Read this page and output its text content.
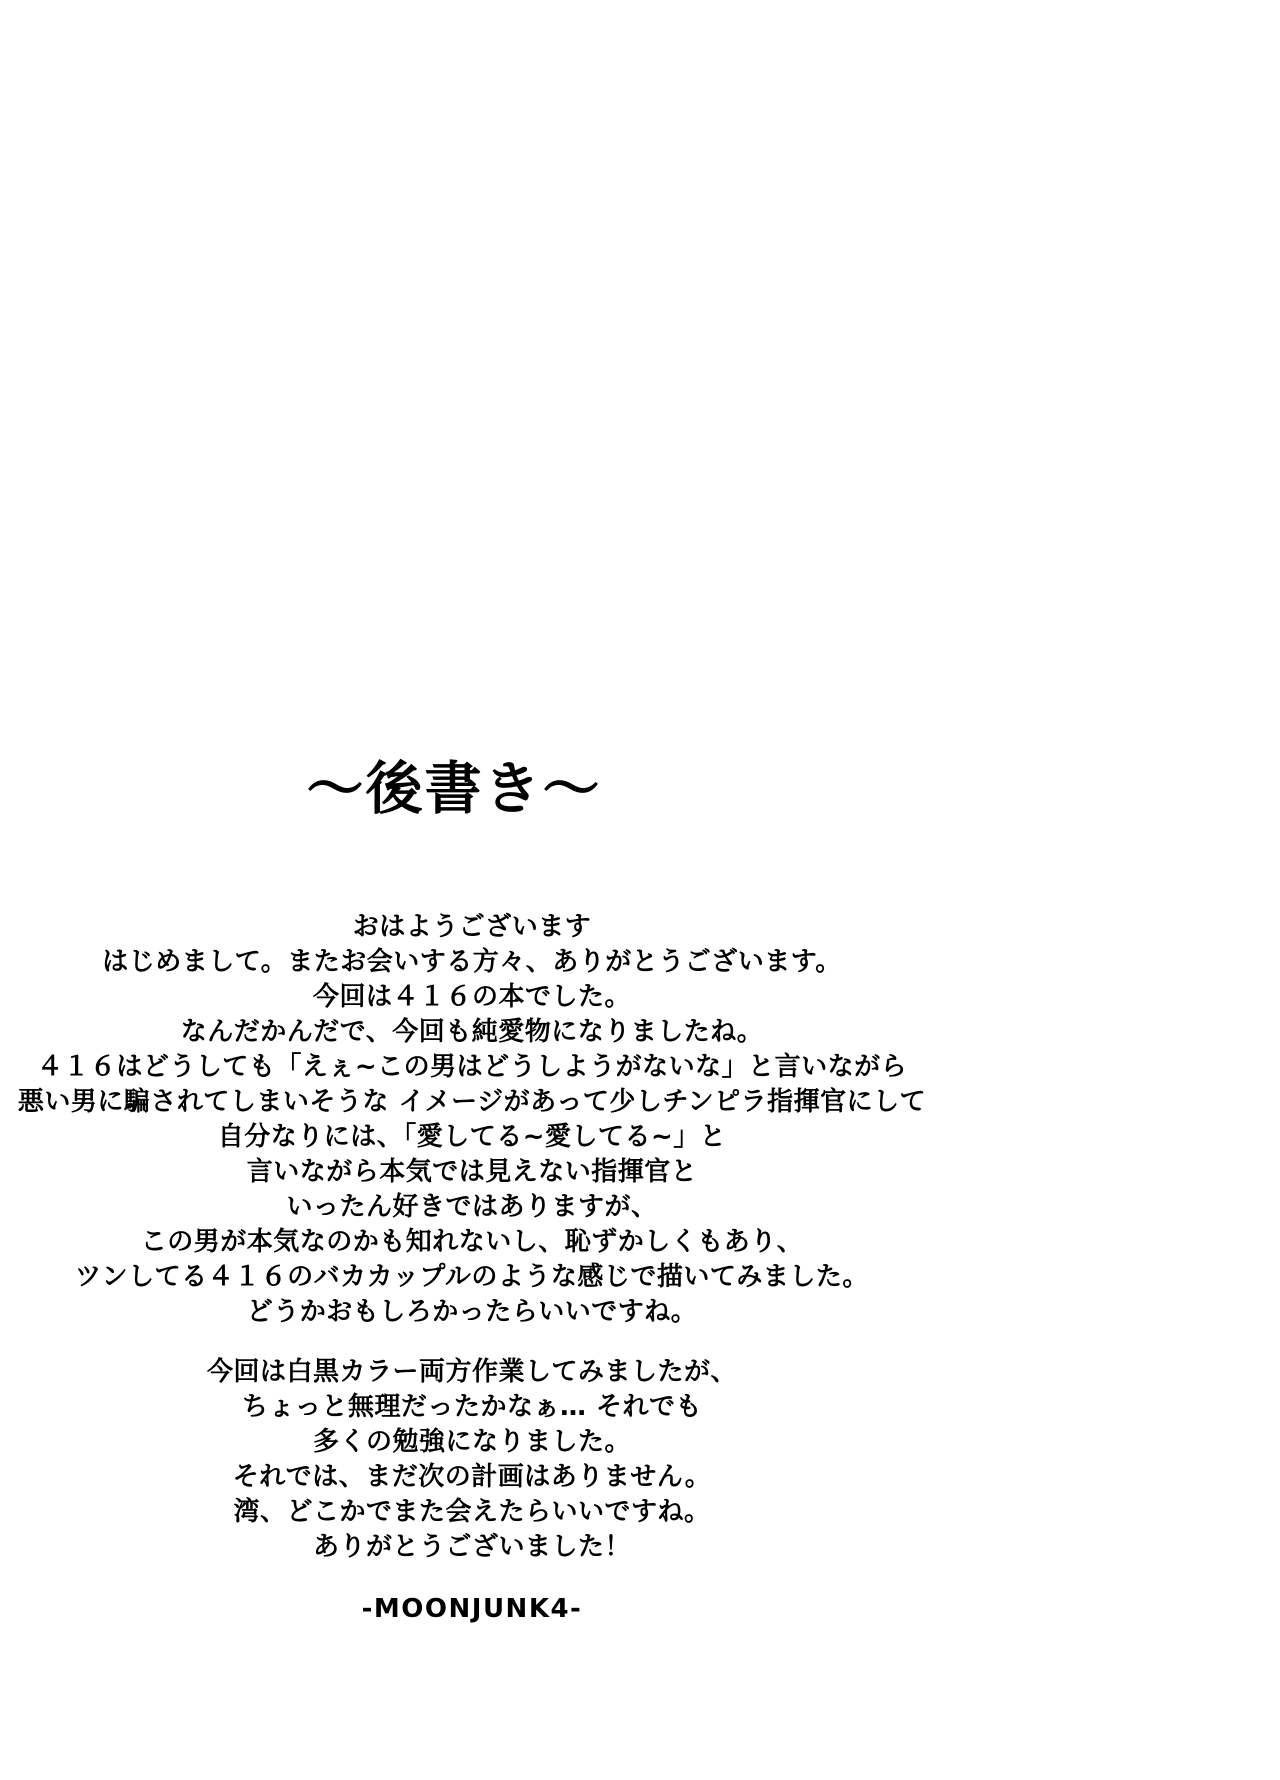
～後書き～
おはようございます
はじめまして。またお会いする方々、ありがとうございます。
今回は４１６の本でした。
なんだかんだで、今回も純愛物になりましたね。
４１６はどうしても「えぇ~この男はどうしようがないな」と言いながら
悪い男に騙されてしまいそうな イメージがあって少しチンピラ指揮官にして
自分なりには、「愛してる~愛してる~」と
言いながら本気では見えない指揮官と
いったん好きではありますが、
この男が本気なのかも知れないし、恥ずかしくもあり、
ツンしてる４１６のバカカップルのような感じで描いてみました。
どうかおもしろかったらいいですね。
今回は白黒カラー両方作業してみましたが、
ちょっと無理だったかなぁ… それでも
多くの勉強になりました。
それでは、まだ次の計画はありません。
湾、どこかでまた会えたらいいですね。
ありがとうございました！
-MOONJUNK4-
